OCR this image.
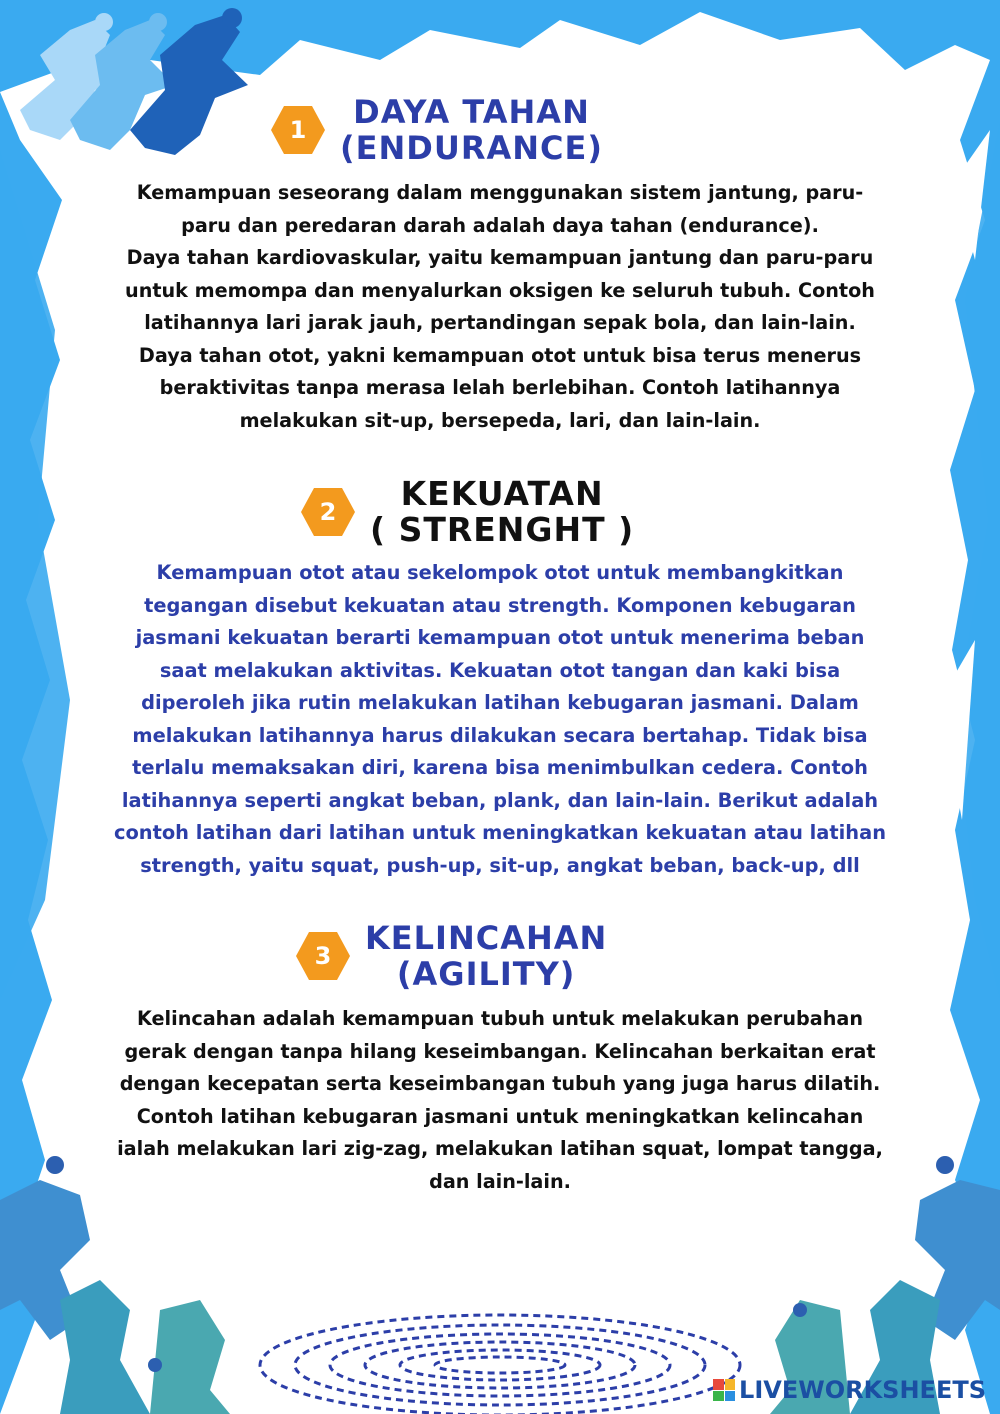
1	DAYA TAHAN
(ENDURANCE)
Kemampuan seseorang dalam menggunakan sistem jantung, paru-
paru dan peredaran darah adalah daya tahan (endurance).
Daya tahan kardiovaskular, yaitu kemampuan jantung dan paru-paru
untuk memompa dan menyalurkan oksigen ke seluruh tubuh. Contoh
latihannya lari jarak jauh, pertandingan sepak bola, dan lain-lain.
Daya tahan otot, yakni kemampuan otot untuk bisa terus menerus
beraktivitas tanpa merasa lelah berlebihan. Contoh latihannya
melakukan sit-up, bersepeda, lari, dan lain-lain.
2	KEKUATAN
( STRENGHT )
Kemampuan otot atau sekelompok otot untuk membangkitkan
tegangan disebut kekuatan atau strength. Komponen kebugaran
jasmani kekuatan berarti kemampuan otot untuk menerima beban
saat melakukan aktivitas. Kekuatan otot tangan dan kaki bisa
diperoleh jika rutin melakukan latihan kebugaran jasmani. Dalam
melakukan latihannya harus dilakukan secara bertahap. Tidak bisa
terlalu memaksakan diri, karena bisa menimbulkan cedera. Contoh
latihannya seperti angkat beban, plank, dan lain-lain. Berikut adalah
contoh latihan dari latihan untuk meningkatkan kekuatan atau latihan
strength, yaitu squat, push-up, sit-up, angkat beban, back-up, dll
3	KELINCAHAN
(AGILITY)
Kelincahan adalah kemampuan tubuh untuk melakukan perubahan
gerak dengan tanpa hilang keseimbangan. Kelincahan berkaitan erat
dengan kecepatan serta keseimbangan tubuh yang juga harus dilatih.
Contoh latihan kebugaran jasmani untuk meningkatkan kelincahan
ialah melakukan lari zig-zag, melakukan latihan squat, lompat tangga,
dan lain-lain.
LIVEWORKSHEETS
